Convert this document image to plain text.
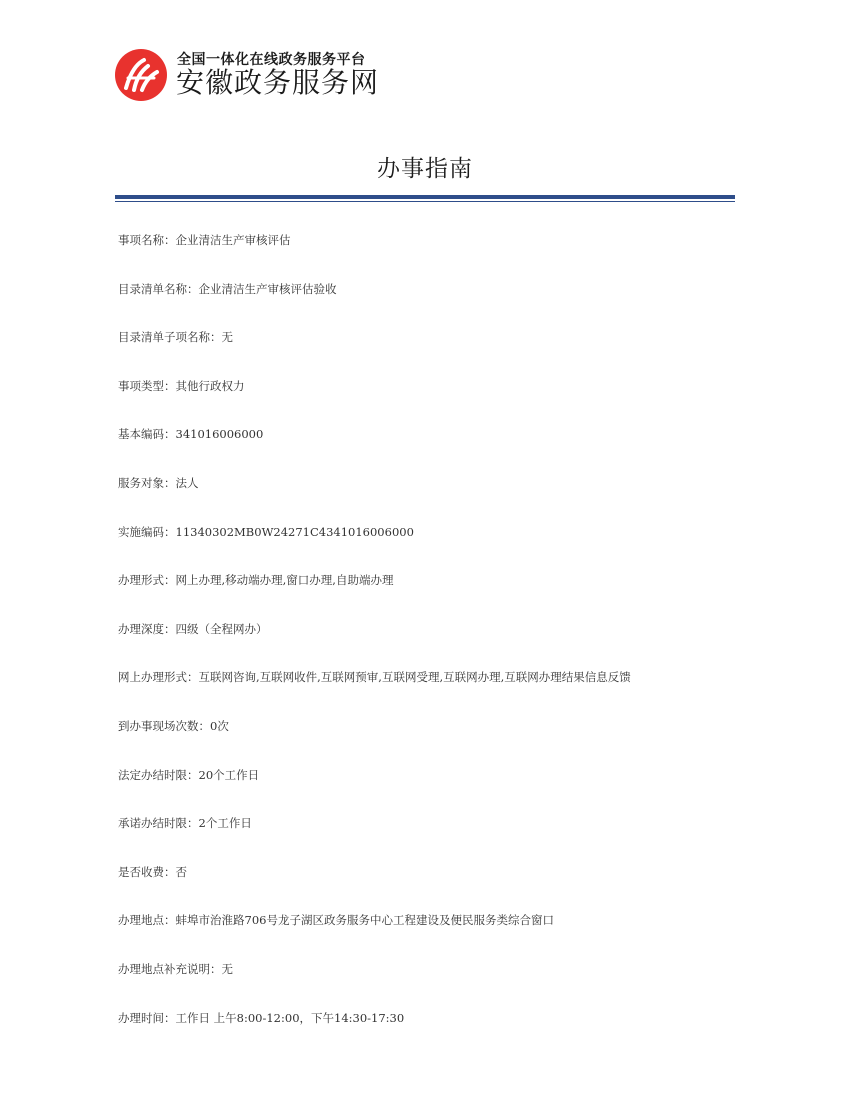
全国一体化在线政务服务平台
安徽政务服务网
办事指南
事项名称：企业清洁生产审核评估
目录清单名称：企业清洁生产审核评估验收
目录清单子项名称：无
事项类型：其他行政权力
基本编码：341016006000
服务对象：法人
实施编码：11340302MB0W24271C4341016006000
办理形式：网上办理,移动端办理,窗口办理,自助端办理
办理深度：四级（全程网办）
网上办理形式：互联网咨询,互联网收件,互联网预审,互联网受理,互联网办理,互联网办理结果信息反馈
到办事现场次数：0次
法定办结时限：20个工作日
承诺办结时限：2个工作日
是否收费：否
办理地点：蚌埠市治淮路706号龙子湖区政务服务中心工程建设及便民服务类综合窗口
办理地点补充说明：无
办理时间：工作日 上午8:00-12:00，下午14:30-17:30
